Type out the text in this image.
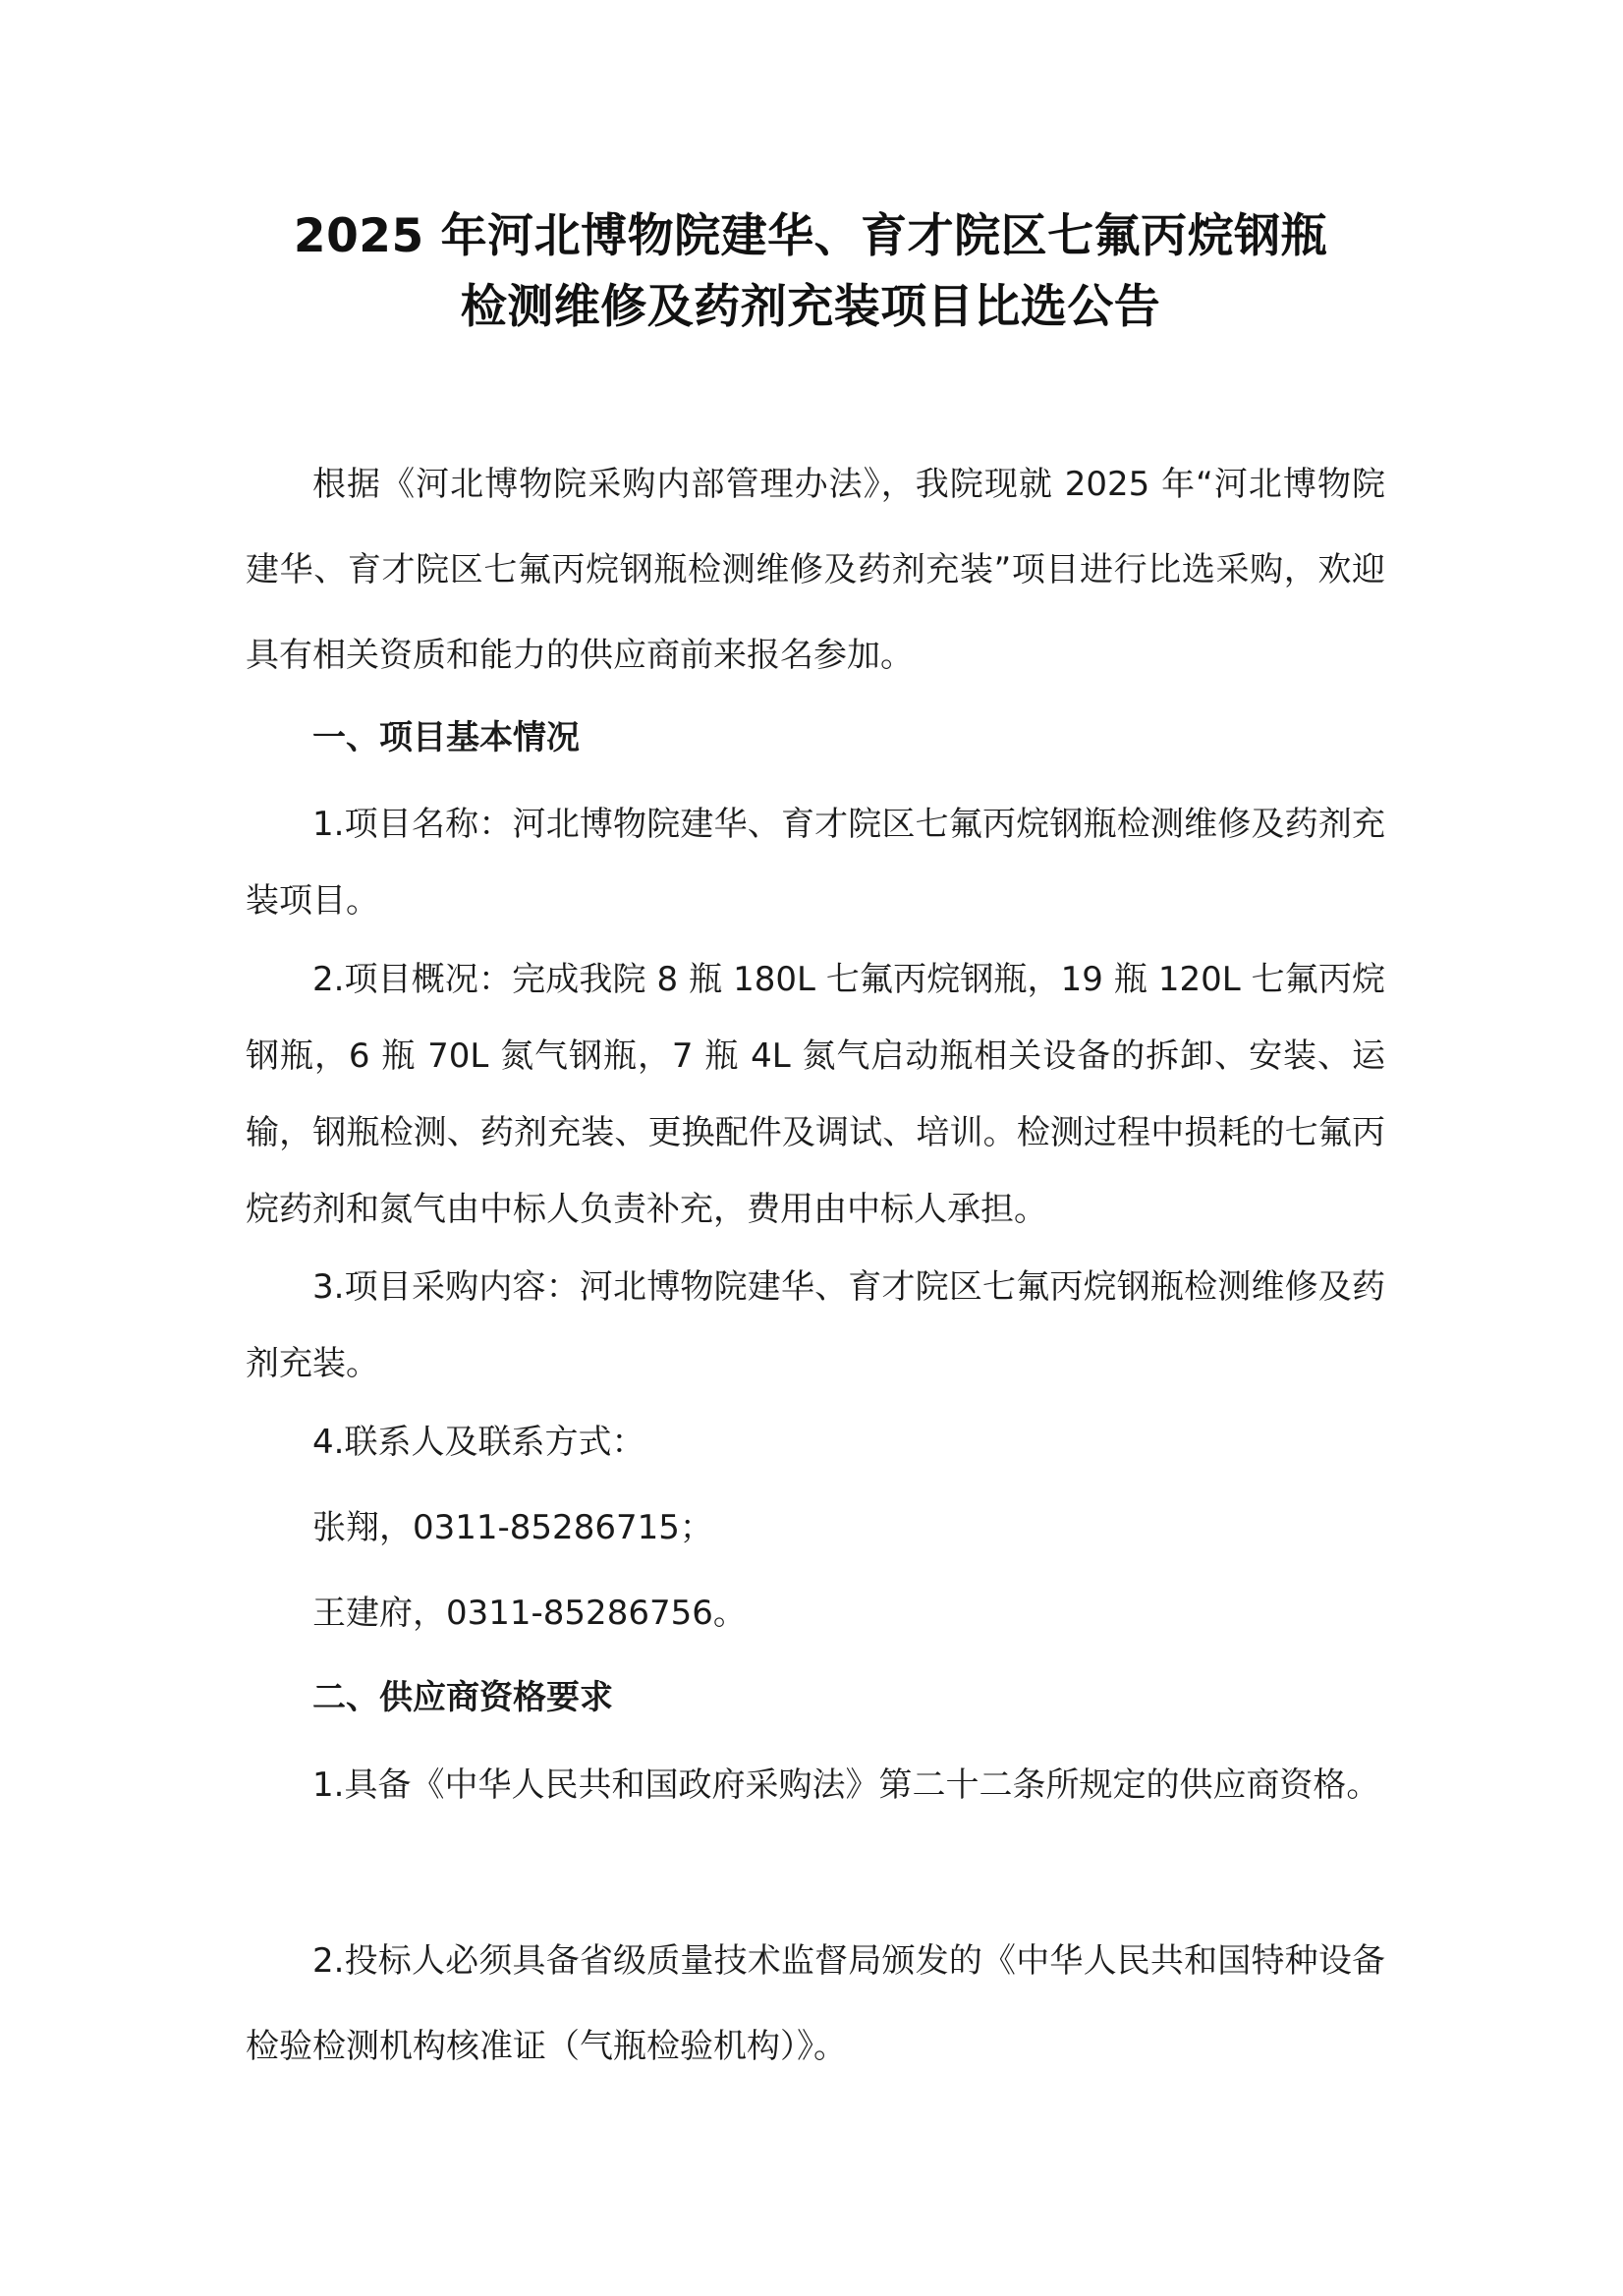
2025 年河北博物院建华、育才院区七氟丙烷钢瓶
检测维修及药剂充装项目比选公告

根据《河北博物院采购内部管理办法》，我院现就 2025 年“河北博物院建华、育才院区七氟丙烷钢瓶检测维修及药剂充装”项目进行比选采购，欢迎具有相关资质和能力的供应商前来报名参加。

一、项目基本情况

1.项目名称：河北博物院建华、育才院区七氟丙烷钢瓶检测维修及药剂充装项目。

2.项目概况：完成我院 8 瓶 180L 七氟丙烷钢瓶，19 瓶 120L 七氟丙烷钢瓶，6 瓶 70L 氮气钢瓶，7 瓶 4L 氮气启动瓶相关设备的拆卸、安装、运输，钢瓶检测、药剂充装、更换配件及调试、培训。检测过程中损耗的七氟丙烷药剂和氮气由中标人负责补充，费用由中标人承担。

3.项目采购内容：河北博物院建华、育才院区七氟丙烷钢瓶检测维修及药剂充装。

4.联系人及联系方式：

张翔，0311-85286715；

王建府，0311-85286756。

二、供应商资格要求

1.具备《中华人民共和国政府采购法》第二十二条所规定的供应商资格。

2.投标人必须具备省级质量技术监督局颁发的《中华人民共和国特种设备检验检测机构核准证（气瓶检验机构）》。
